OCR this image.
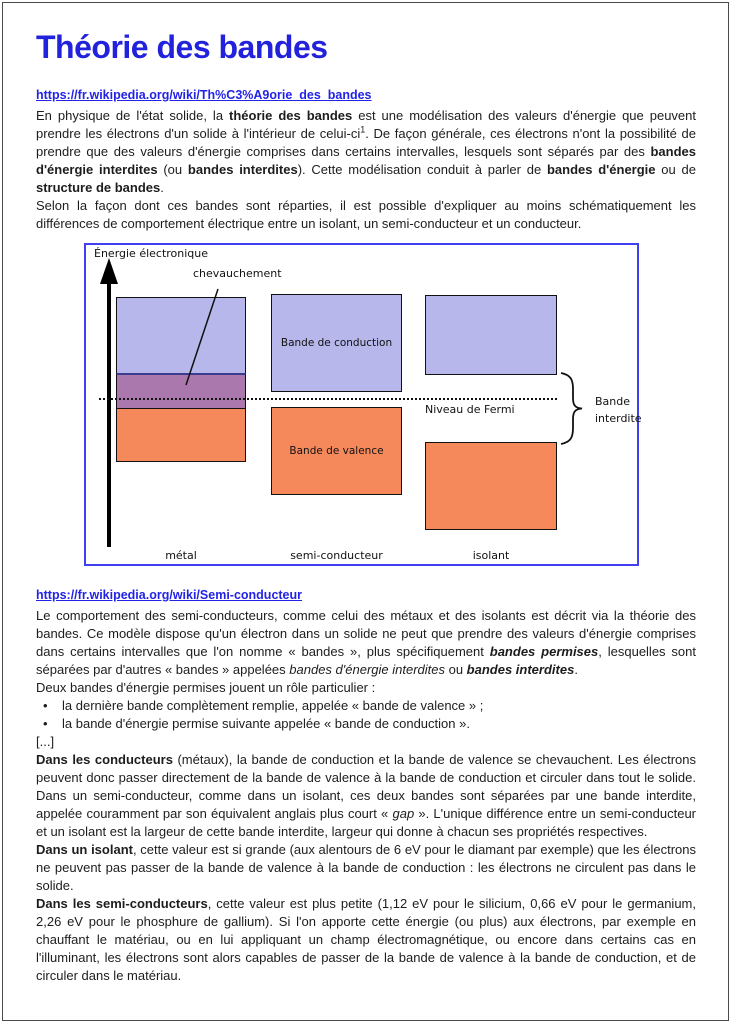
Théorie des bandes
https://fr.wikipedia.org/wiki/Th%C3%A9orie_des_bandes

En physique de l'état solide, la théorie des bandes est une modélisation des valeurs d'énergie que peuvent prendre les électrons d'un solide à l'intérieur de celui-$ci^1$. De façon générale, ces électrons n'ont la possibilité de prendre que des valeurs d'énergie comprises dans certains intervalles, lesquels sont séparés par des bandes d'énergie interdites (ou bandes interdites). Cette modélisation conduit à parler de bandes d'énergie ou de structure de bandes.

Selon la façon dont ces bandes sont réparties, il est possible d'expliquer au moins schématiquement les différences de comportement électrique entre un isolant, un semi-conducteur et un conducteur.

Énergie électronique
Bande de conduction
Bande de valence
Niveau de Fermi
chevauchement
Bande
interdite
métal	semi-conducteur	isolant
https://fr.wikipedia.org/wiki/Semi-conducteur

Le comportement des semi-conducteurs, comme celui des métaux et des isolants est décrit via la théorie des bandes. Ce modèle dispose qu'un électron dans un solide ne peut que prendre des valeurs d'énergie comprises dans certains intervalles que l'on nomme « bandes », plus spécifiquement bandes permises, lesquelles sont séparées par d'autres « bandes » appelées bandes d'énergie interdites ou bandes interdites.

Deux bandes d'énergie permises jouent un rôle particulier :

• la dernière bande complètement remplie, appelée « bande de valence » ;
• la bande d'énergie permise suivante appelée « bande de conduction ».

[...]

Dans les conducteurs (métaux), la bande de conduction et la bande de valence se chevauchent. Les électrons peuvent donc passer directement de la bande de valence à la bande de conduction et circuler dans tout le solide. Dans un semi-conducteur, comme dans un isolant, ces deux bandes sont séparées par une bande interdite, appelée couramment par son équivalent anglais plus court « gap ». L'unique différence entre un semi-conducteur et un isolant est la largeur de cette bande interdite, largeur qui donne à chacun ses propriétés respectives.

Dans un isolant, cette valeur est si grande (aux alentours de 6 eV pour le diamant par exemple) que les électrons ne peuvent pas passer de la bande de valence à la bande de conduction : les électrons ne circulent pas dans le solide.

Dans les semi-conducteurs, cette valeur est plus petite (1,12 eV pour le silicium, 0,66 eV pour le germanium, 2,26 eV pour le phosphure de gallium). Si l'on apporte cette énergie (ou plus) aux électrons, par exemple en chauffant le matériau, ou en lui appliquant un champ électromagnétique, ou encore dans certains cas en l'illuminant, les électrons sont alors capables de passer de la bande de valence à la bande de conduction, et de circuler dans le matériau.
